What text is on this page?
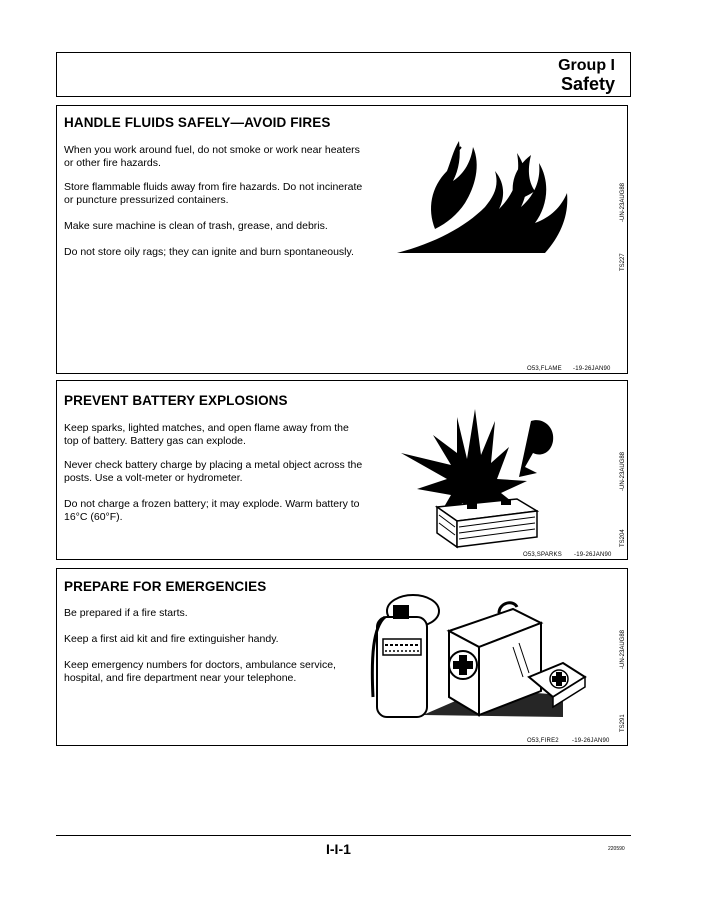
Group I
Safety
HANDLE FLUIDS SAFELY—AVOID FIRES
When you work around fuel, do not smoke or work near heaters or other fire hazards.
Store flammable fluids away from fire hazards. Do not incinerate or puncture pressurized containers.
Make sure machine is clean of trash, grease, and debris.
Do not store oily rags; they can ignite and burn spontaneously.
-UN-23AUG88
TS227
O53,FLAME -19-26JAN90
PREVENT BATTERY EXPLOSIONS
Keep sparks, lighted matches, and open flame away from the top of battery. Battery gas can explode.
Never check battery charge by placing a metal object across the posts. Use a volt-meter or hydrometer.
Do not charge a frozen battery; it may explode. Warm battery to 16°C (60°F).
-UN-23AUG88
TS204
O53,SPARKS -19-26JAN90
PREPARE FOR EMERGENCIES
Be prepared if a fire starts.
Keep a first aid kit and fire extinguisher handy.
Keep emergency numbers for doctors, ambulance service, hospital, and fire department near your telephone.
-UN-23AUG88
TS291
O53,FIRE2 -19-26JAN90
I-I-1	220590
